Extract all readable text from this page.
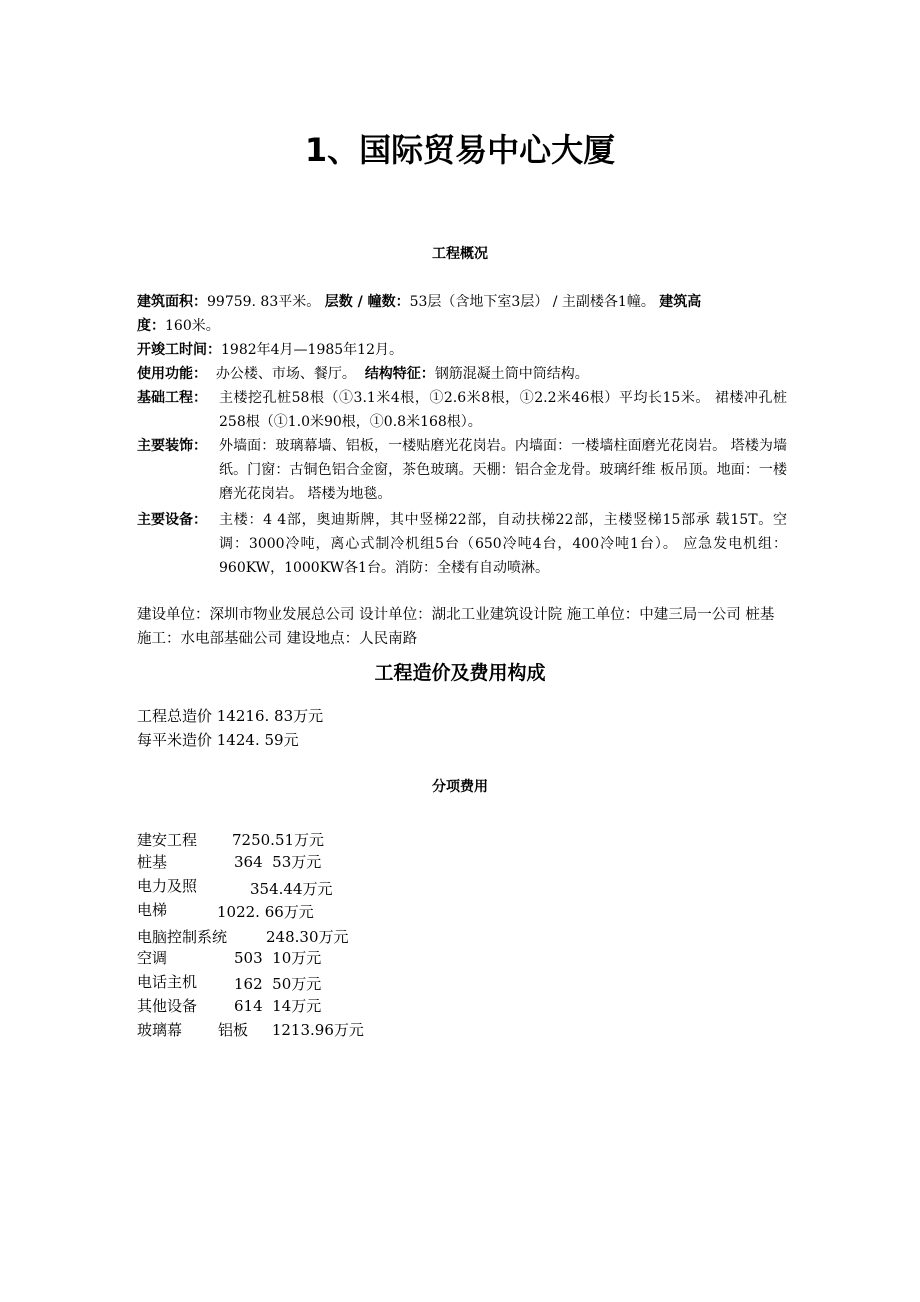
1、国际贸易中心大厦
工程概况
建筑面积：99759. 83平米。 层数 / 幢数：53层（含地下室3层） / 主副楼各1幢。 建筑高
度：160米。
开竣工时间：1982年4月—1985年12月。
使用功能： 办公楼、市场、餐厅。 结构特征：钢筋混凝土筒中筒结构。
基础工程： 主楼挖孔桩58根（①3.1米4根，①2.6米8根，①2.2米46根）平均长15米。 裙楼冲孔桩258根（①1.0米90根，①0.8米168根）。
主要装饰： 外墙面：玻璃幕墙、铝板，一楼贴磨光花岗岩。内墙面：一楼墙柱面磨光花岗岩。 塔楼为墙纸。门窗：古铜色铝合金窗，茶色玻璃。天棚：铝合金龙骨。玻璃纤维 板吊顶。地面：一楼磨光花岗岩。 塔楼为地毯。
主要设备： 主楼：4 4部，奥迪斯牌，其中竖梯22部，自动扶梯22部，主楼竖梯15部承 载15T。空调：3000冷吨，离心式制冷机组5台（650冷吨4台，400冷吨1台）。 应急发电机组：960KW，1000KW各1台。消防：全楼有自动喷淋。
建设单位：深圳市物业发展总公司 设计单位：湖北工业建筑设计院 施工单位：中建三局一公司 桩基施工：水电部基础公司 建设地点：人民南路
工程造价及费用构成
工程总造价 14216. 83万元
每平米造价 1424. 59元
分项费用
建安工程 7250.51万元
桩基	364  53万元
电力及照	354.44万元
电梯	1022. 66万元
电脑控制系统	248.30万元
空调	503  10万元
电话主机 162  50万元
其他设备 614  14万元
玻璃幕 铝板     1213.96万元
